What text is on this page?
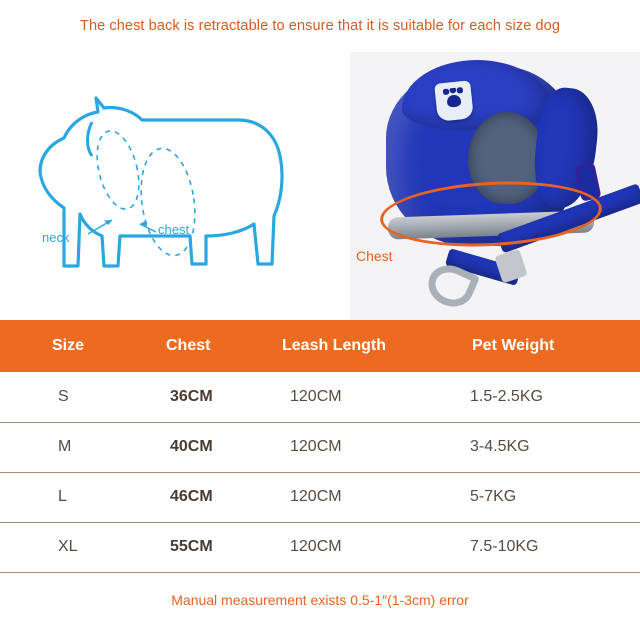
The chest back is retractable to ensure that it is suitable for each size dog
neck
chest
Chest
Size	Chest	Leash Length	Pet Weight
S	36CM	120CM	1.5-2.5KG
M	40CM	120CM	3-4.5KG
L	46CM	120CM	5-7KG
XL	55CM	120CM	7.5-10KG
Manual measurement exists 0.5-1″(1-3cm) error
